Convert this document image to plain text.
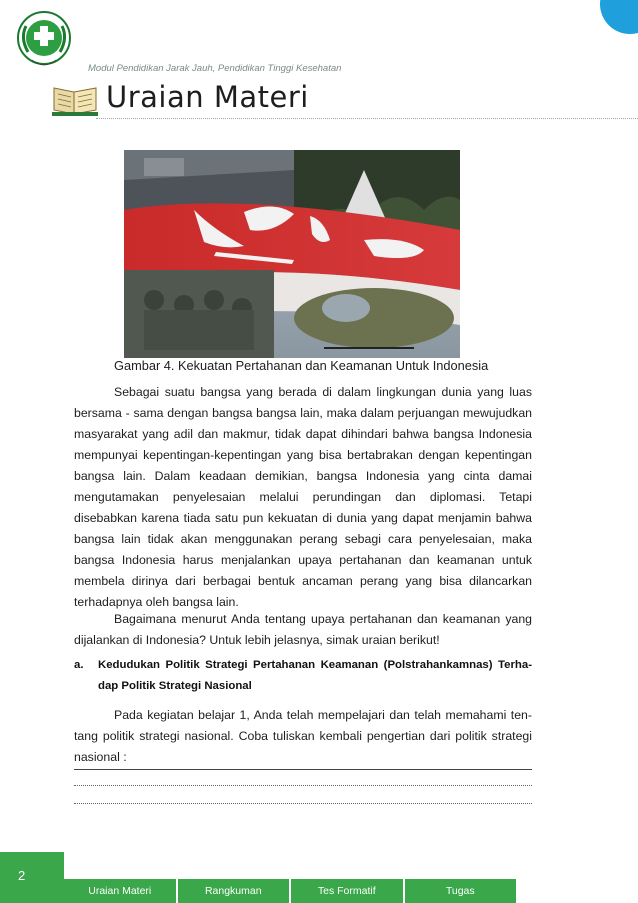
Modul Pendidikan Jarak Jauh, Pendidikan Tinggi Kesehatan
Uraian Materi
Gambar 4. Kekuatan Pertahanan dan Keamanan Untuk Indonesia

Sebagai suatu bangsa yang berada di dalam lingkungan dunia yang luas bersama - sama dengan bangsa bangsa lain, maka dalam perjuangan mewujudkan masyarakat yang adil dan makmur, tidak dapat dihindari bahwa bangsa Indonesia mempunyai kepentingan-kepentingan yang bisa bertabrakan dengan kepentingan bangsa lain. Dalam keadaan demikian, bangsa Indonesia yang cinta damai mengutamakan penyelesaian melalui perundingan dan diplomasi. Tetapi disebabkan karena tiada satu pun kekuatan di dunia yang dapat menjamin bahwa bangsa lain tidak akan menggunakan perang sebagi cara penyelesaian, maka bangsa Indonesia harus menjalankan upaya pertahanan dan keamanan untuk membela dirinya dari berbagai bentuk ancaman perang yang bisa dilancarkan terhadapnya oleh bangsa lain.

Bagaimana menurut Anda tentang upaya pertahanan dan keamanan yang dijalankan di Indonesia? Untuk lebih jelasnya, simak uraian berikut!

a. Kedudukan Politik Strategi Pertahanan Keamanan (Polstrahankamnas) Terhadap Politik Strategi Nasional

Pada kegiatan belajar 1, Anda telah mempelajari dan telah memahami tentang politik strategi nasional. Coba tuliskan kembali pengertian dari politik strategi nasional :

2
Uraian Materi	Rangkuman	Tes Formatif	Tugas
